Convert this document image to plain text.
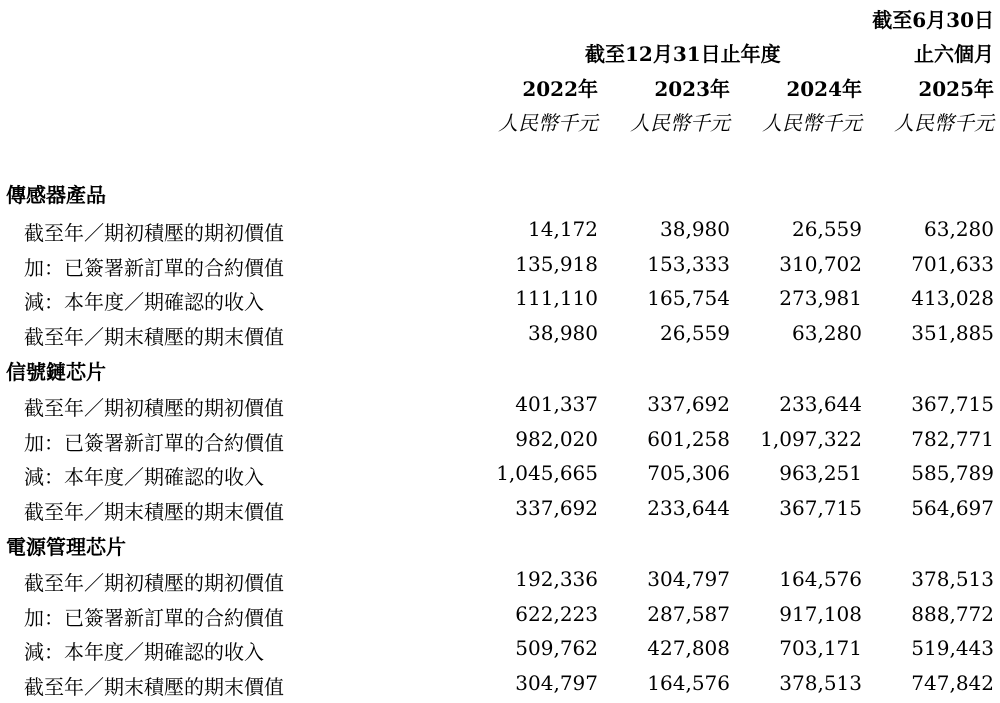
截至6月30日
止六個月
截至12月31日止年度
2022年	2023年	2024年	2025年
人民幣千元	人民幣千元	人民幣千元	人民幣千元
傳感器產品
截至年／期初積壓的期初價值	14,172	38,980	26,559	63,280
加：已簽署新訂單的合約價值	135,918	153,333	310,702	701,633
減：本年度／期確認的收入	111,110	165,754	273,981	413,028
截至年／期末積壓的期末價值	38,980	26,559	63,280	351,885
信號鏈芯片
截至年／期初積壓的期初價值	401,337	337,692	233,644	367,715
加：已簽署新訂單的合約價值	982,020	601,258	1,097,322	782,771
減：本年度／期確認的收入	1,045,665	705,306	963,251	585,789
截至年／期末積壓的期末價值	337,692	233,644	367,715	564,697
電源管理芯片
截至年／期初積壓的期初價值	192,336	304,797	164,576	378,513
加：已簽署新訂單的合約價值	622,223	287,587	917,108	888,772
減：本年度／期確認的收入	509,762	427,808	703,171	519,443
截至年／期末積壓的期末價值	304,797	164,576	378,513	747,842
